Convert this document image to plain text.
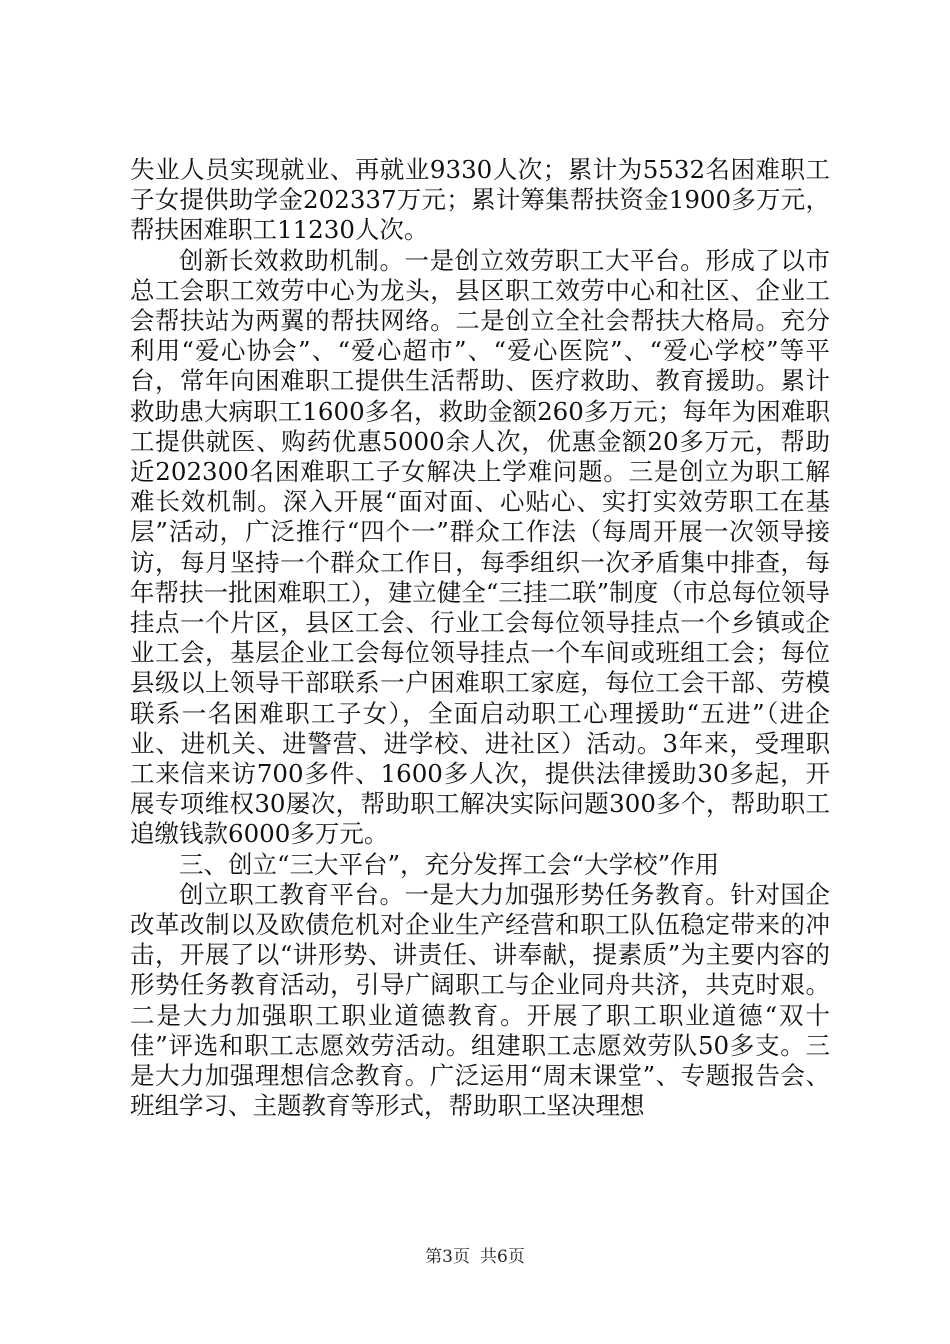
失业人员实现就业、再就业9330人次；累计为5532名困难职工子女提供助学金202337万元；累计筹集帮扶资金1900多万元，帮扶困难职工11230人次。

创新长效救助机制。一是创立效劳职工大平台。形成了以市总工会职工效劳中心为龙头，县区职工效劳中心和社区、企业工会帮扶站为两翼的帮扶网络。二是创立全社会帮扶大格局。充分利用“爱心协会”、“爱心超市”、“爱心医院”、“爱心学校”等平台，常年向困难职工提供生活帮助、医疗救助、教育援助。累计救助患大病职工1600多名，救助金额260多万元；每年为困难职工提供就医、购药优惠5000余人次，优惠金额20多万元，帮助近202300名困难职工子女解决上学难问题。三是创立为职工解难长效机制。深入开展“面对面、心贴心、实打实效劳职工在基层”活动，广泛推行“四个一”群众工作法（每周开展一次领导接访，每月坚持一个群众工作日，每季组织一次矛盾集中排查，每年帮扶一批困难职工），建立健全“三挂二联”制度（市总每位领导挂点一个片区，县区工会、行业工会每位领导挂点一个乡镇或企业工会，基层企业工会每位领导挂点一个车间或班组工会；每位县级以上领导干部联系一户困难职工家庭，每位工会干部、劳模联系一名困难职工子女），全面启动职工心理援助“五进”（进企业、进机关、进警营、进学校、进社区）活动。3年来，受理职工来信来访700多件、1600多人次，提供法律援助30多起，开展专项维权30屡次，帮助职工解决实际问题300多个，帮助职工追缴钱款6000多万元。

三、创立“三大平台”，充分发挥工会“大学校”作用

创立职工教育平台。一是大力加强形势任务教育。针对国企改革改制以及欧债危机对企业生产经营和职工队伍稳定带来的冲击，开展了以“讲形势、讲责任、讲奉献，提素质”为主要内容的形势任务教育活动，引导广阔职工与企业同舟共济，共克时艰。二是大力加强职工职业道德教育。开展了职工职业道德“双十佳”评选和职工志愿效劳活动。组建职工志愿效劳队50多支。三是大力加强理想信念教育。广泛运用“周末课堂”、专题报告会、班组学习、主题教育等形式，帮助职工坚决理想

第3页 共6页
